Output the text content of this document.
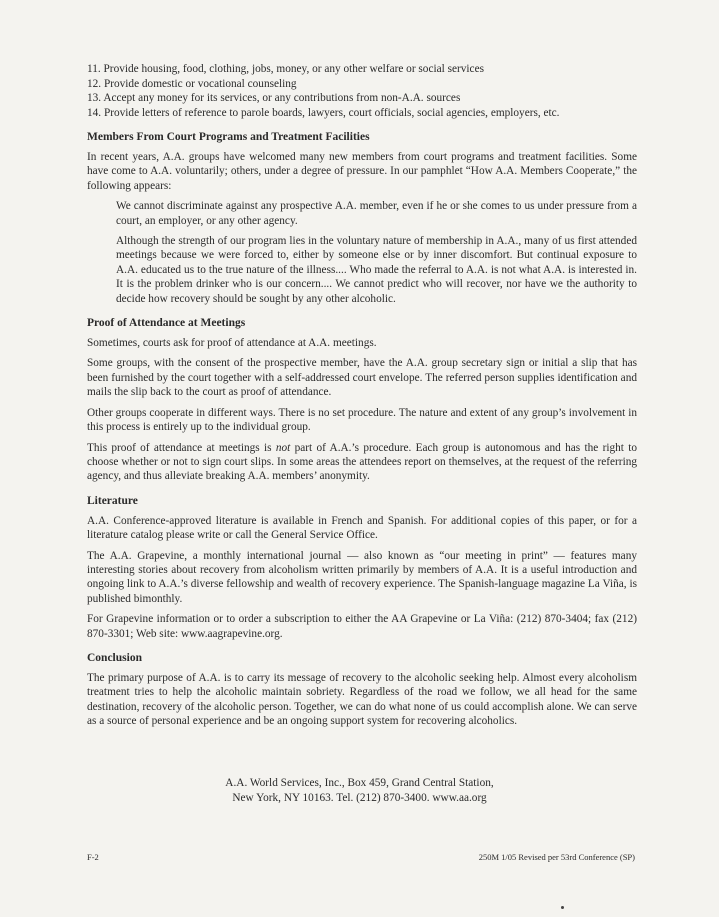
11. Provide housing, food, clothing, jobs, money, or any other welfare or social services
12. Provide domestic or vocational counseling
13. Accept any money for its services, or any contributions from non-A.A. sources
14. Provide letters of reference to parole boards, lawyers, court officials, social agencies, employers, etc.
Members From Court Programs and Treatment Facilities

In recent years, A.A. groups have welcomed many new members from court programs and treatment facilities. Some have come to A.A. voluntarily; others, under a degree of pressure. In our pamphlet “How A.A. Members Cooperate,” the following appears:

We cannot discriminate against any prospective A.A. member, even if he or she comes to us under pressure from a court, an employer, or any other agency.

Although the strength of our program lies in the voluntary nature of membership in A.A., many of us first attended meetings because we were forced to, either by someone else or by inner discomfort. But continual exposure to A.A. educated us to the true nature of the illness.... Who made the referral to A.A. is not what A.A. is interested in. It is the problem drinker who is our concern.... We cannot predict who will recover, nor have we the authority to decide how recovery should be sought by any other alcoholic.

Proof of Attendance at Meetings

Sometimes, courts ask for proof of attendance at A.A. meetings.

Some groups, with the consent of the prospective member, have the A.A. group secretary sign or initial a slip that has been furnished by the court together with a self-addressed court envelope. The referred person supplies identification and mails the slip back to the court as proof of attendance.

Other groups cooperate in different ways. There is no set procedure. The nature and extent of any group’s involvement in this process is entirely up to the individual group.

This proof of attendance at meetings is not part of A.A.’s procedure. Each group is autonomous and has the right to choose whether or not to sign court slips. In some areas the attendees report on themselves, at the request of the referring agency, and thus alleviate breaking A.A. members’ anonymity.

Literature

A.A. Conference-approved literature is available in French and Spanish. For additional copies of this paper, or for a literature catalog please write or call the General Service Office.

The A.A. Grapevine, a monthly international journal — also known as “our meeting in print” — features many interesting stories about recovery from alcoholism written primarily by members of A.A. It is a useful introduction and ongoing link to A.A.’s diverse fellowship and wealth of recovery experience. The Spanish-language magazine La Viña, is published bimonthly.

For Grapevine information or to order a subscription to either the AA Grapevine or La Viña: (212) 870-3404; fax (212) 870-3301; Web site: www.aagrapevine.org.

Conclusion

The primary purpose of A.A. is to carry its message of recovery to the alcoholic seeking help. Almost every alcoholism treatment tries to help the alcoholic maintain sobriety. Regardless of the road we follow, we all head for the same destination, recovery of the alcoholic person. Together, we can do what none of us could accomplish alone. We can serve as a source of personal experience and be an ongoing support system for recovering alcoholics.

A.A. World Services, Inc., Box 459, Grand Central Station,
New York, NY 10163. Tel. (212) 870-3400. www.aa.org
F-2	250M 1/05 Revised per 53rd Conference (SP)
